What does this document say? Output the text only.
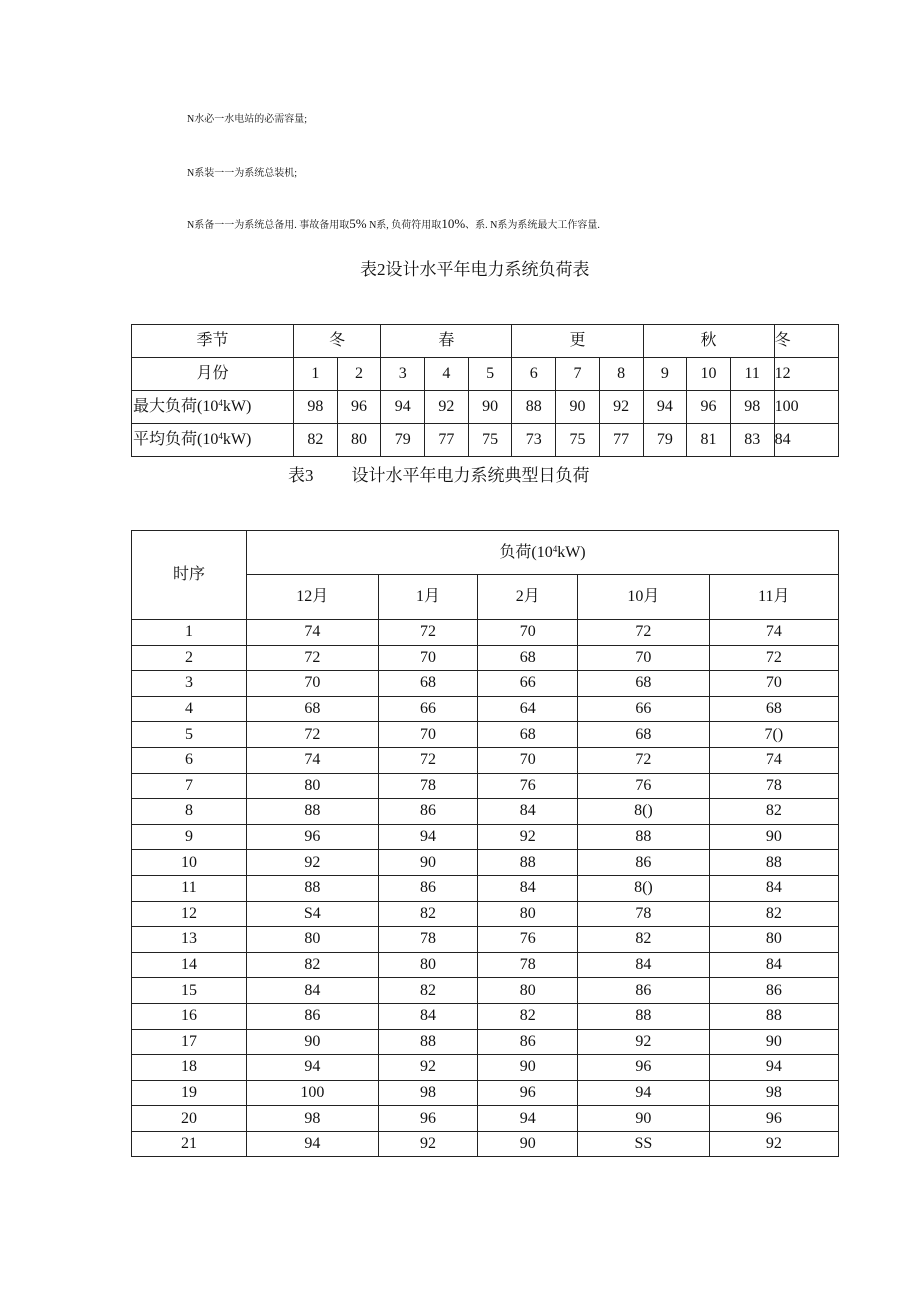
N水必一水电站的必需容量;
N系装一一为系统总装机;
N系备一一为系统总备用. 事故备用取5% N系, 负荷符用取10%、系. N系为系统最大工作容量.
表2设计水平年电力系统负荷表
季节	冬		春			更			秋			冬
月份	1	2	3	4	5	6	7	8	9	10	11	12
最大负荷$(10^4kW)$	98	96	94	92	90	88	90	92	94	96	98	100
平均负荷$(10^4kW)$	82	80	79	77	75	73	75	77	79	81	83	84
表3 设计水平年电力系统典型日负荷
时序	负荷$(10^4kW)$				
	12月	1月	2月	10月	11月
1	74	72	70	72	74
2	72	70	68	70	72
3	70	68	66	68	70
4	68	66	64	66	68
5	72	70	68	68	7()
6	74	72	70	72	74
7	80	78	76	76	78
8	88	86	84	8()	82
9	96	94	92	88	90
10	92	90	88	86	88
11	88	86	84	8()	84
12	S4	82	80	78	82
13	80	78	76	82	80
14	82	80	78	84	84
15	84	82	80	86	86
16	86	84	82	88	88
17	90	88	86	92	90
18	94	92	90	96	94
19	100	98	96	94	98
20	98	96	94	90	96
21	94	92	90	SS	92
